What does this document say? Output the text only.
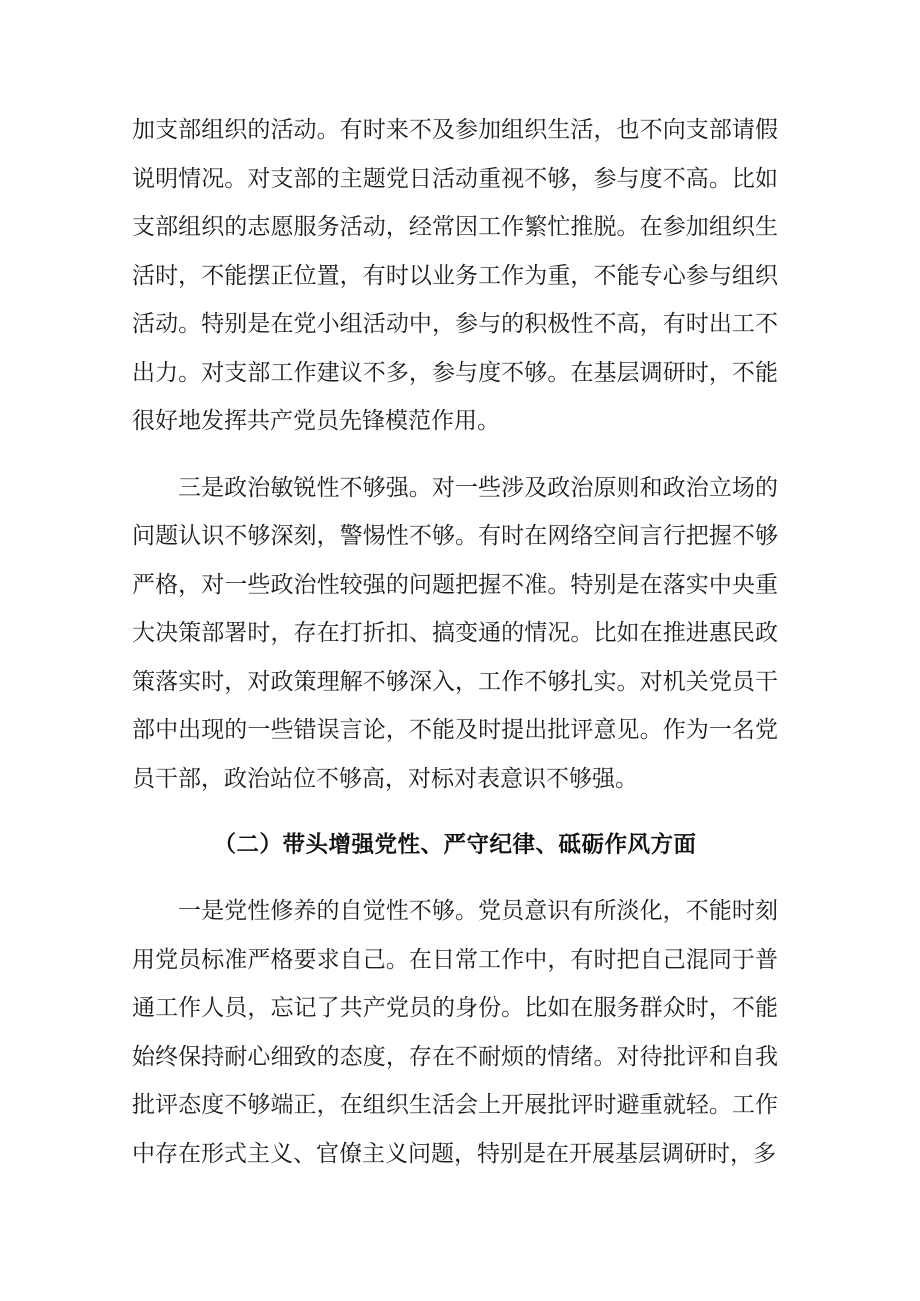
加支部组织的活动。有时来不及参加组织生活，也不向支部请假说明情况。对支部的主题党日活动重视不够，参与度不高。比如支部组织的志愿服务活动，经常因工作繁忙推脱。在参加组织生活时，不能摆正位置，有时以业务工作为重，不能专心参与组织活动。特别是在党小组活动中，参与的积极性不高，有时出工不出力。对支部工作建议不多，参与度不够。在基层调研时，不能很好地发挥共产党员先锋模范作用。

三是政治敏锐性不够强。对一些涉及政治原则和政治立场的问题认识不够深刻，警惕性不够。有时在网络空间言行把握不够严格，对一些政治性较强的问题把握不准。特别是在落实中央重大决策部署时，存在打折扣、搞变通的情况。比如在推进惠民政策落实时，对政策理解不够深入，工作不够扎实。对机关党员干部中出现的一些错误言论，不能及时提出批评意见。作为一名党员干部，政治站位不够高，对标对表意识不够强。

（二）带头增强党性、严守纪律、砥砺作风方面

一是党性修养的自觉性不够。党员意识有所淡化，不能时刻用党员标准严格要求自己。在日常工作中，有时把自己混同于普通工作人员，忘记了共产党员的身份。比如在服务群众时，不能始终保持耐心细致的态度，存在不耐烦的情绪。对待批评和自我批评态度不够端正，在组织生活会上开展批评时避重就轻。工作中存在形式主义、官僚主义问题，特别是在开展基层调研时，多
